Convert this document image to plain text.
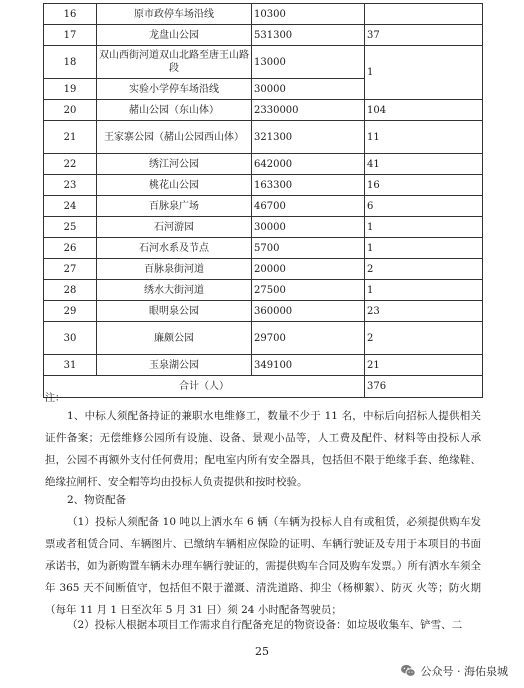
16	原市政停车场沿线	10300	
17	龙盘山公园	531300	37
18	双山西街河道双山北路至唐王山路段	13000	1
19	实验小学停车场沿线	30000	
20	赭山公园（东山体）	2330000	104
21	王家寨公园（赭山公园西山体）	321300	11
22	绣江河公园	642000	41
23	桃花山公园	163300	16
24	百脉泉广场	46700	6
25	石河游园	30000	1
26	石河水系及节点	5700	1
27	百脉泉街河道	20000	2
28	绣水大街河道	27500	1
29	眼明泉公园	360000	23
30	廉颇公园	29700	2
31	玉泉湖公园	349100	21
合计（人）			376
注：

1、中标人须配备持证的兼职水电维修工，数量不少于 11 名，中标后向招标人提供相关证件备案；无偿维修公园所有设施、设备、景观小品等，人工费及配件、材料等由投标人承担，公园不再额外支付任何费用；配电室内所有安全器具，包括但不限于绝缘手套、绝缘鞋、绝缘拉闸杆、安全帽等均由投标人负责提供和按时校验。

2、物资配备

（1）投标人须配备 10 吨以上洒水车 6 辆（车辆为投标人自有或租赁，必须提供购车发票或者租赁合同、车辆图片、已缴纳车辆相应保险的证明、车辆行驶证及专用于本项目的书面承诺书，如为新购置车辆未办理车辆行驶证的，需提供购车合同及购车发票。）所有洒水车须全年 365 天不间断值守，包括但不限于灌溉、清洗道路、抑尘（杨柳絮）、防灭 火等；防火期（每年 11 月 1 日至次年 5 月 31 日）须 24 小时配备驾驶员；

（2）投标人根据本项目工作需求自行配备充足的物资设备：如垃圾收集车、铲雪、二

25
公众号 · 海佑泉城
